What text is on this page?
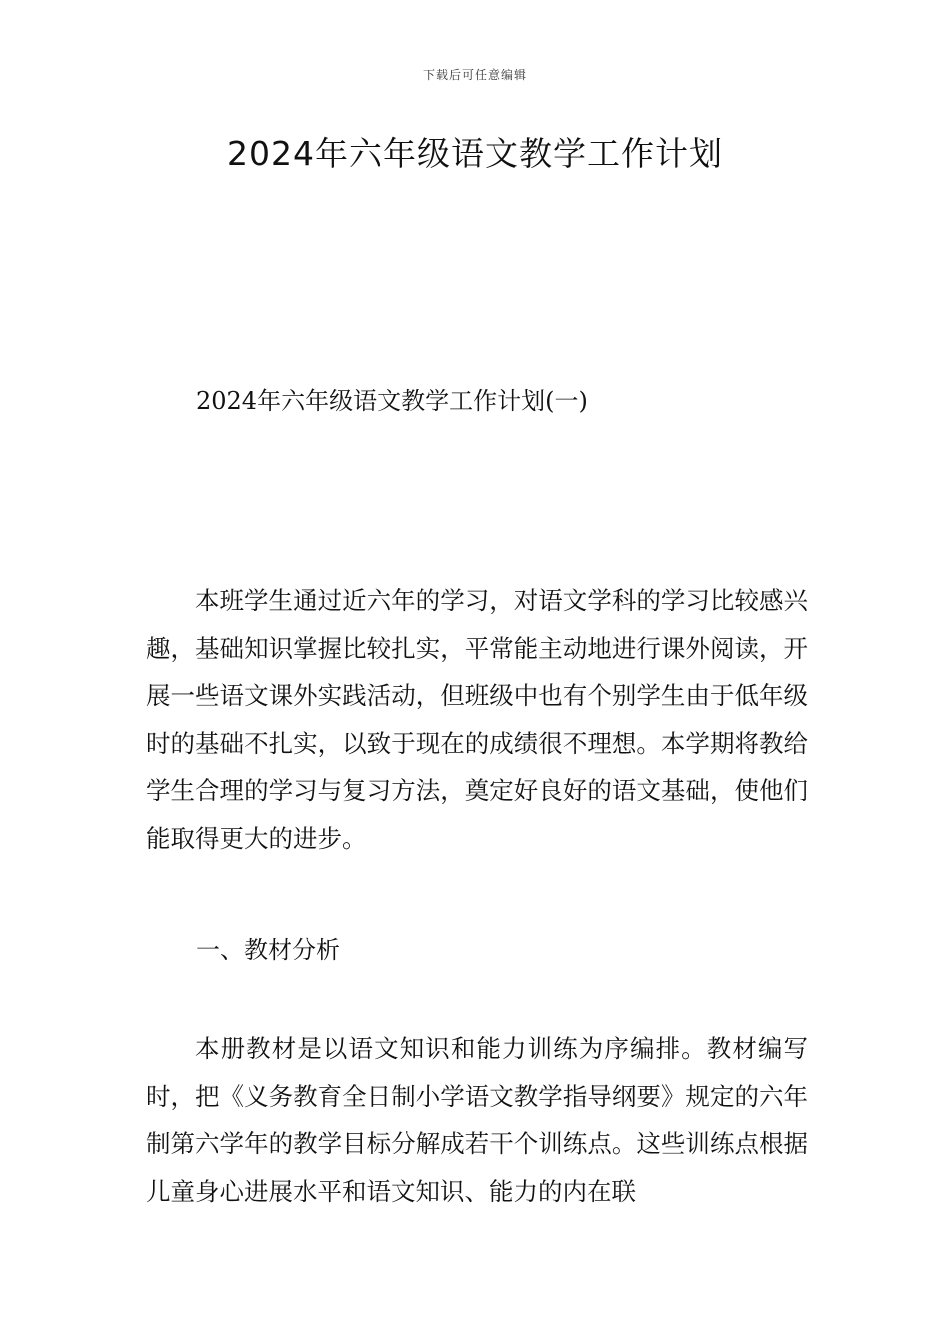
下载后可任意编辑
2024年六年级语文教学工作计划
2024年六年级语文教学工作计划(一)

本班学生通过近六年的学习，对语文学科的学习比较感兴趣，基础知识掌握比较扎实，平常能主动地进行课外阅读，开展一些语文课外实践活动，但班级中也有个别学生由于低年级时的基础不扎实，以致于现在的成绩很不理想。本学期将教给学生合理的学习与复习方法，奠定好良好的语文基础，使他们能取得更大的进步。

一、教材分析

本册教材是以语文知识和能力训练为序编排。教材编写时，把《义务教育全日制小学语文教学指导纲要》规定的六年制第六学年的教学目标分解成若干个训练点。这些训练点根据儿童身心进展水平和语文知识、能力的内在联
